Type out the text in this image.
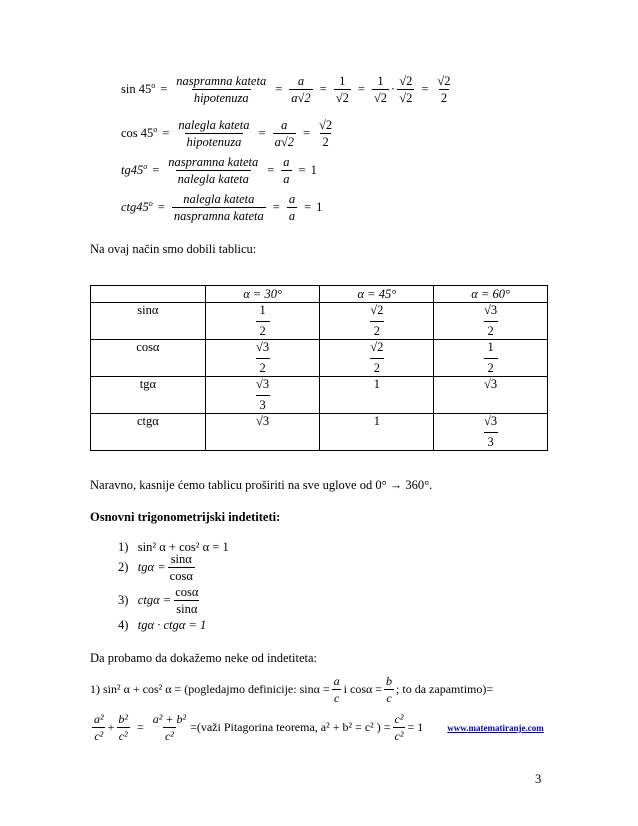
$\sin 45^o = \frac{\text{naspramna kateta}}{\text{hipotenuza}} = \frac{a}{a√2} = \frac{1}{√2} = \frac{1}{√2} \cdot \frac{√2}{√2} = \frac{√2}{2}$
$\cos 45^o = \frac{\text{nalegla kateta}}{\text{hipotenuza}} = \frac{a}{a√2} = \frac{√2}{2}$
$tg45^o = \frac{\text{naspramna kateta}}{\text{nalegla kateta}} = \frac{a}{a} = 1$
$ctg45^o = \frac{\text{nalegla kateta}}{\text{naspramna kateta}} = \frac{a}{a} = 1$
Na ovaj način smo dobili tablicu:
	α = 30°	α = 45°	α = 60°
sinα	$\frac{1}{2}$	$\frac{√2}{2}$	$\frac{√3}{2}$

cosα	$\frac{√3}{2}$	$\frac{√2}{2}$	$\frac{1}{2}$

tgα	$\frac{√3}{3}$	1	√3
ctgα	√3	1	$\frac{√3}{3}$
Naravno, kasnije ćemo tablicu proširiti na sve uglove od 0° → 360°.
Osnovni trigonometrijski indetiteti:
1) sin² α + cos² α = 1
2)
$tg\alpha = \frac{\sin\alpha}{\cos\alpha}$
3)
$ctg\alpha = \frac{\cos\alpha}{\sin\alpha}$
4) tgα · ctgα = 1
Da probamo da dokažemo neke od indetiteta:
1) sin² α + cos² α = (pogledajmo definicije: $\sin\alpha = \frac{a}{c}$ i $\cos\alpha = \frac{b}{c}$ ; to da zapamtimo)=
$\frac{\text{a²}}{\text{c²}} + \frac{\text{b²}}{\text{c²}} = \frac{\text{a² + b²}}{\text{c²}}$ =(važi Pitagorina teorema, a² + b² = c² ) = $\frac{\text{c²}}{\text{c²}} = 1$	www.matematiranje.com
3
